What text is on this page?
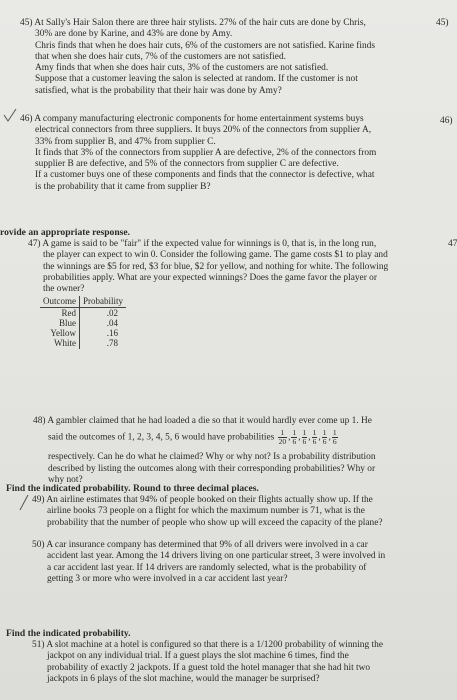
45) At Sally's Hair Salon there are three hair stylists. 27% of the hair cuts are done by Chris,

30% are done by Karine, and 43% are done by Amy.

Chris finds that when he does hair cuts, 6% of the customers are not satisfied. Karine finds

that when she does hair cuts, 7% of the customers are not satisfied.

Amy finds that when she does hair cuts, 3% of the customers are not satisfied.

Suppose that a customer leaving the salon is selected at random. If the customer is not

satisfied, what is the probability that their hair was done by Amy?

45)

46) A company manufacturing electronic components for home entertainment systems buys

electrical connectors from three suppliers. It buys 20% of the connectors from supplier A,

33% from supplier B, and 47% from supplier C.

It finds that 3% of the connectors from supplier A are defective, 2% of the connectors from

supplier B are defective, and 5% of the connectors from supplier C are defective.

If a customer buys one of these components and finds that the connector is defective, what

is the probability that it came from supplier B?

46)
rovide an appropriate response.

47) A game is said to be "fair" if the expected value for winnings is 0, that is, in the long run,

the player can expect to win 0. Consider the following game. The game costs $1 to play and

the winnings are $5 for red, $3 for blue, $2 for yellow, and nothing for white. The following

probabilities apply. What are your expected winnings? Does the game favor the player or

the owner?

Outcome	Probability
Red	.02
Blue	.04
Yellow	.16
White	.78
47

48) A gambler claimed that he had loaded a die so that it would hardly ever come up 1. He

said the outcomes of 1, 2, 3, 4, 5, 6 would have probabilities $\frac{1}{20}$ , $\frac{1}{6}$ , $\frac{1}{6}$ , $\frac{1}{6}$ , $\frac{1}{6}$ , $\frac{1}{6}$

respectively. Can he do what he claimed? Why or why not? Is a probability distribution

described by listing the outcomes along with their corresponding probabilities? Why or

why not?

Find the indicated probability. Round to three decimal places.

49) An airline estimates that 94% of people booked on their flights actually show up. If the

airline books 73 people on a flight for which the maximum number is 71, what is the

probability that the number of people who show up will exceed the capacity of the plane?

50) A car insurance company has determined that 9% of all drivers were involved in a car

accident last year. Among the 14 drivers living on one particular street, 3 were involved in

a car accident last year. If 14 drivers are randomly selected, what is the probability of

getting 3 or more who were involved in a car accident last year?

Find the indicated probability.

51) A slot machine at a hotel is configured so that there is a 1/1200 probability of winning the

jackpot on any individual trial. If a guest plays the slot machine 6 times, find the

probability of exactly 2 jackpots. If a guest told the hotel manager that she had hit two

jackpots in 6 plays of the slot machine, would the manager be surprised?
